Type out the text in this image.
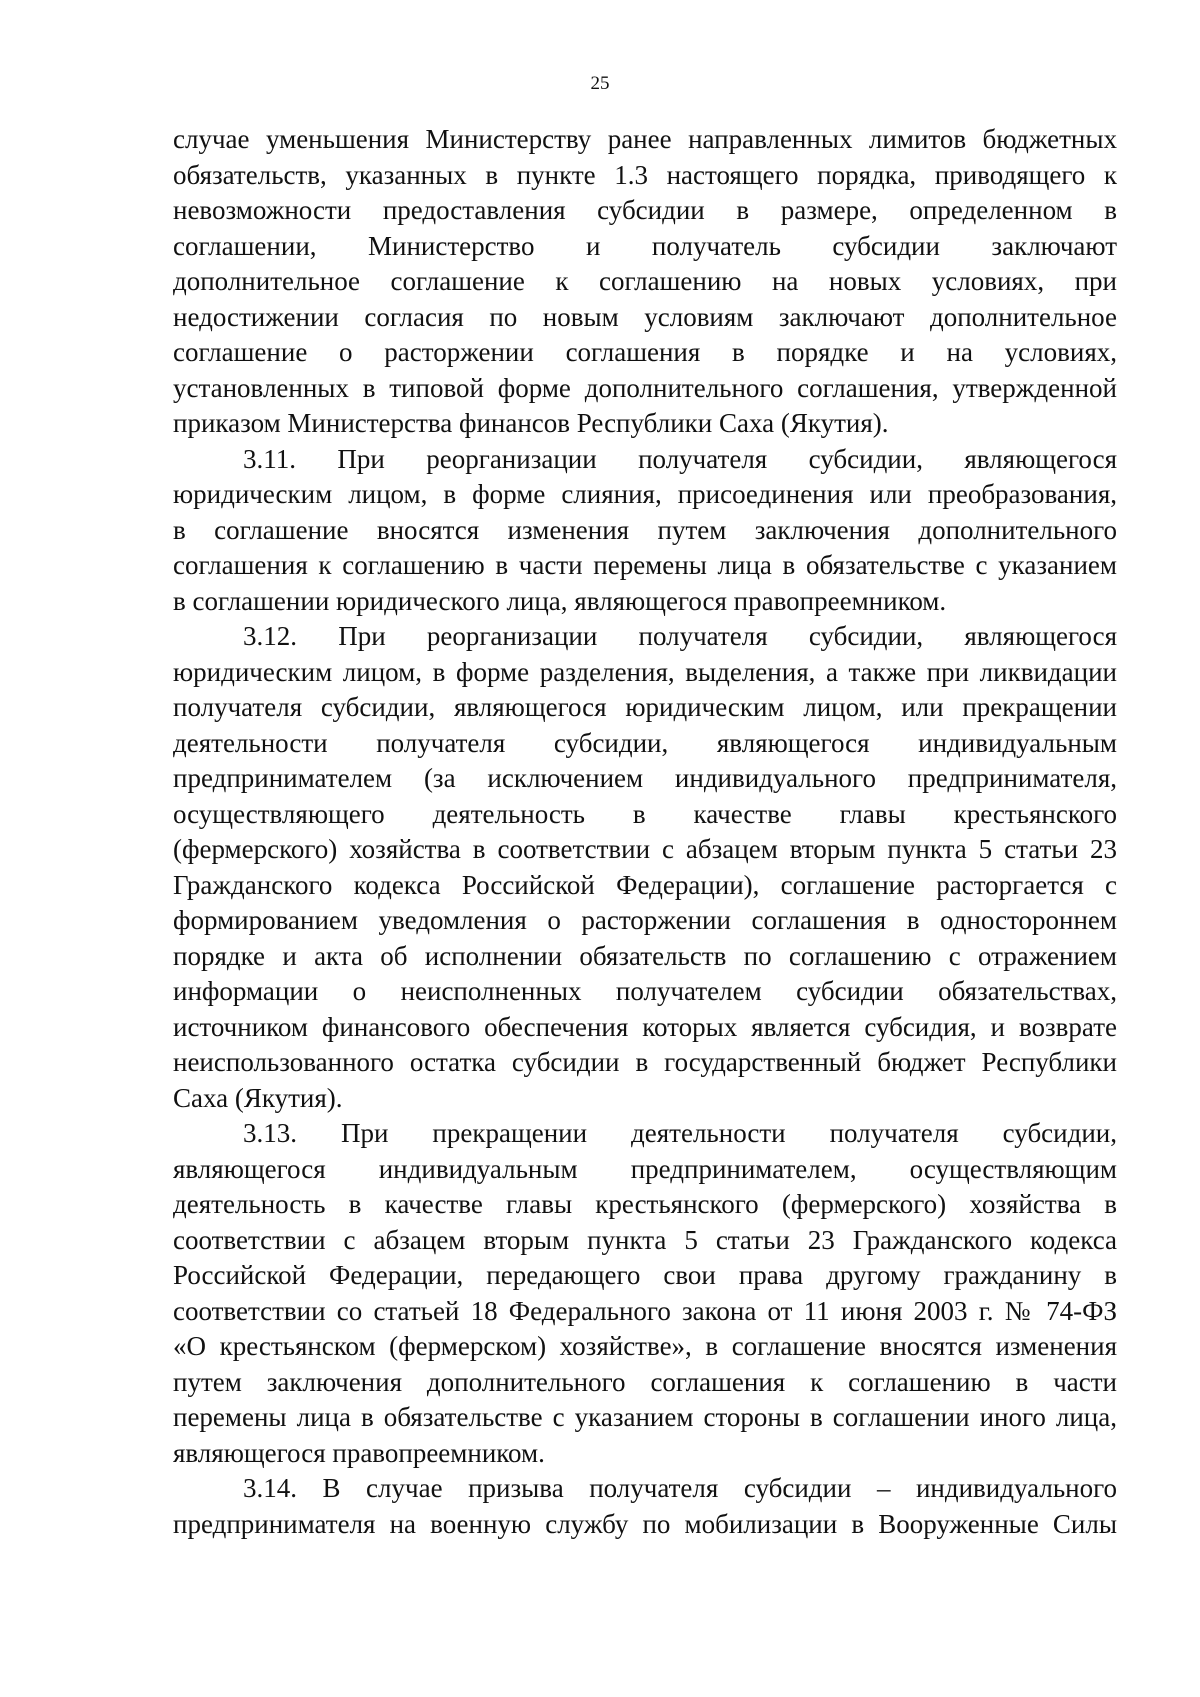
25

случае уменьшения Министерству ранее направленных лимитов бюджетных
обязательств, указанных в пункте 1.3 настоящего порядка, приводящего к
невозможности предоставления субсидии в размере, определенном в
соглашении, Министерство и получатель субсидии заключают
дополнительное соглашение к соглашению на новых условиях, при
недостижении согласия по новым условиям заключают дополнительное
соглашение о расторжении соглашения в порядке и на условиях,
установленных в типовой форме дополнительного соглашения, утвержденной
приказом Министерства финансов Республики Саха (Якутия).

3.11. При реорганизации получателя субсидии, являющегося
юридическим лицом, в форме слияния, присоединения или преобразования,
в соглашение вносятся изменения путем заключения дополнительного
соглашения к соглашению в части перемены лица в обязательстве с указанием
в соглашении юридического лица, являющегося правопреемником.

3.12. При реорганизации получателя субсидии, являющегося
юридическим лицом, в форме разделения, выделения, а также при ликвидации
получателя субсидии, являющегося юридическим лицом, или прекращении
деятельности получателя субсидии, являющегося индивидуальным
предпринимателем (за исключением индивидуального предпринимателя,
осуществляющего деятельность в качестве главы крестьянского
(фермерского) хозяйства в соответствии с абзацем вторым пункта 5 статьи 23
Гражданского кодекса Российской Федерации), соглашение расторгается с
формированием уведомления о расторжении соглашения в одностороннем
порядке и акта об исполнении обязательств по соглашению с отражением
информации о неисполненных получателем субсидии обязательствах,
источником финансового обеспечения которых является субсидия, и возврате
неиспользованного остатка субсидии в государственный бюджет Республики
Саха (Якутия).

3.13. При прекращении деятельности получателя субсидии,
являющегося индивидуальным предпринимателем, осуществляющим
деятельность в качестве главы крестьянского (фермерского) хозяйства в
соответствии с абзацем вторым пункта 5 статьи 23 Гражданского кодекса
Российской Федерации, передающего свои права другому гражданину в
соответствии со статьей 18 Федерального закона от 11 июня 2003 г. № 74-ФЗ
«О крестьянском (фермерском) хозяйстве», в соглашение вносятся изменения
путем заключения дополнительного соглашения к соглашению в части
перемены лица в обязательстве с указанием стороны в соглашении иного лица,
являющегося правопреемником.

3.14. В случае призыва получателя субсидии – индивидуального
предпринимателя на военную службу по мобилизации в Вооруженные Силы
